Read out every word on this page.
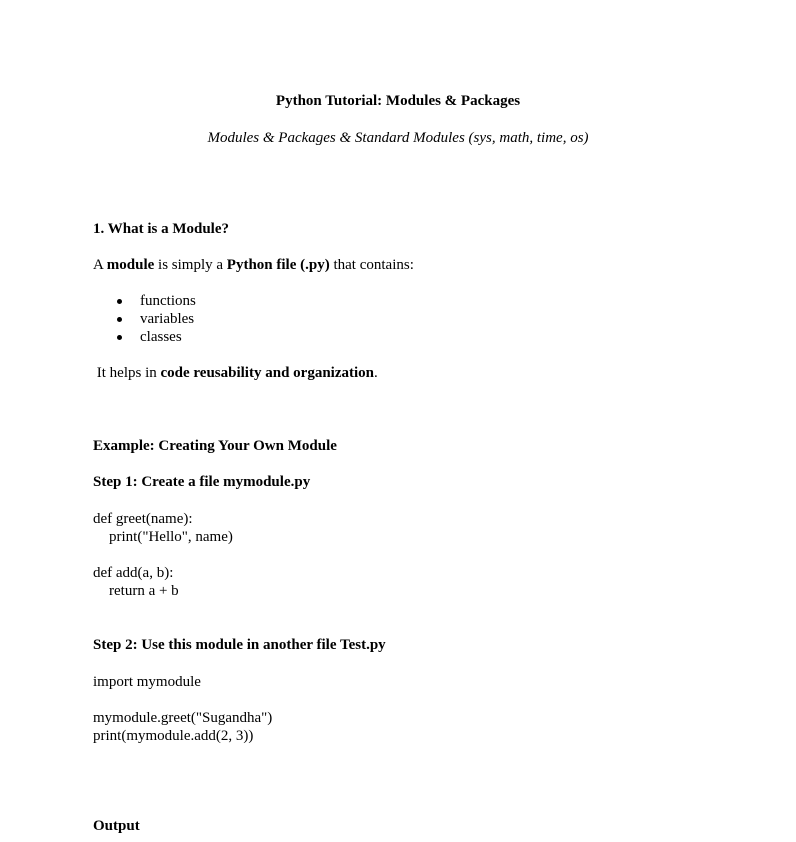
Python Tutorial: Modules & Packages
Modules & Packages & Standard Modules (sys, math, time, os)
1. What is a Module?
A module is simply a Python file (.py) that contains:
functions
variables
classes
It helps in code reusability and organization.
Example: Creating Your Own Module
Step 1: Create a file mymodule.py
def greet(name):
print("Hello", name)
def add(a, b):
return a + b
Step 2: Use this module in another file Test.py
import mymodule
mymodule.greet("Sugandha")
print(mymodule.add(2, 3))
Output
